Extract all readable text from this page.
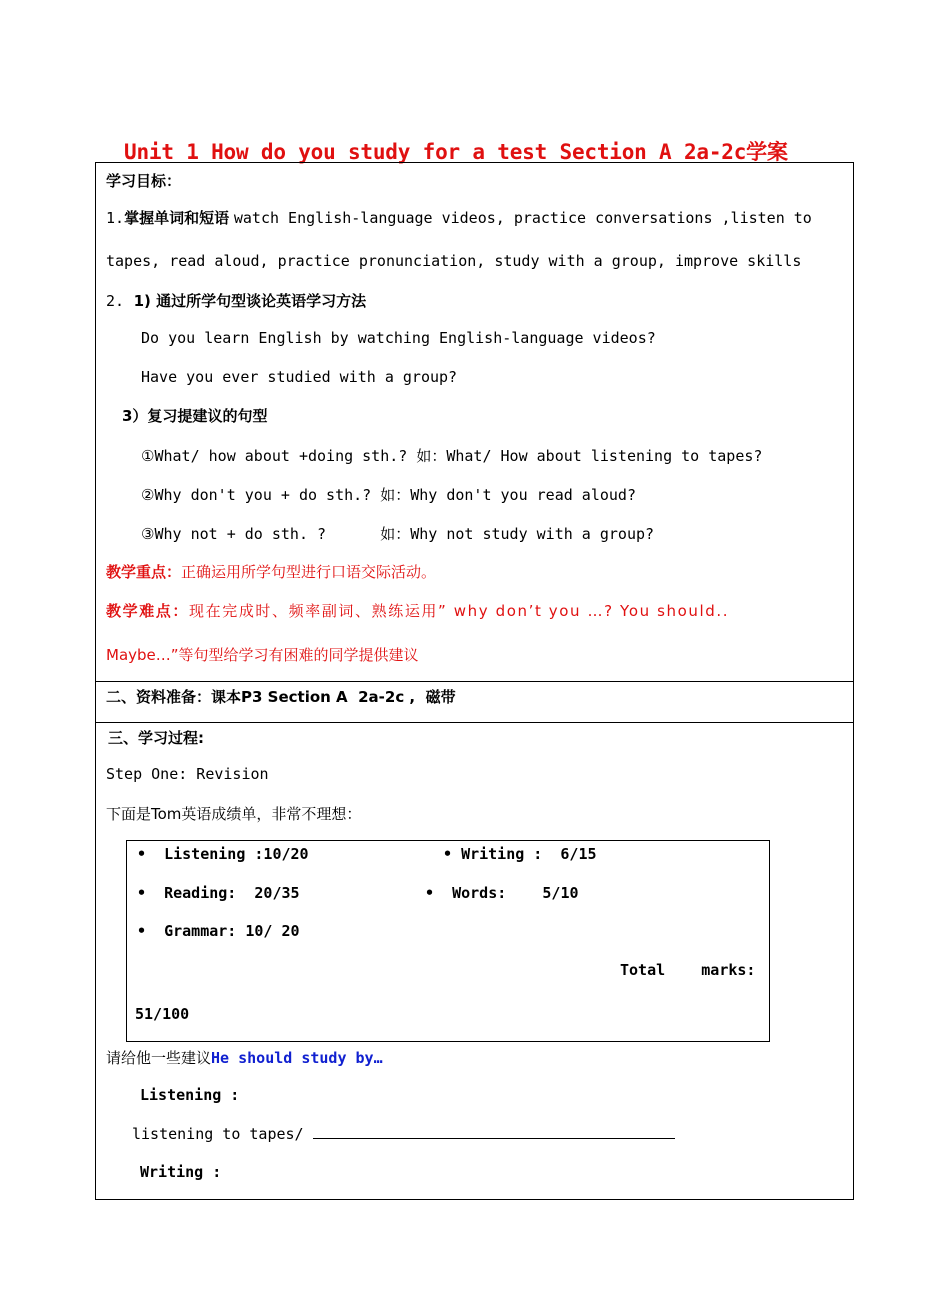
Unit 1 How do you study for a test Section A 2a-2c学案
学习目标：
1.掌握单词和短语 watch English-language videos, practice conversations ,listen to
tapes, read aloud, practice pronunciation, study with a group, improve skills
2. 1) 通过所学句型谈论英语学习方法
Do you learn English by watching English-language videos?
Have you ever studied with a group?
3）复习提建议的句型
①What/ how about +doing sth.? 如：What/ How about listening to tapes?
②Why don't you + do sth.? 如：Why don't you read aloud?
③Why not + do sth. ?      如：Why not study with a group?
教学重点：正确运用所学句型进行口语交际活动。
教学难点：现在完成时、频率副词、熟练运用” why don’t you …? You should..
Maybe…”等句型给学习有困难的同学提供建议
二、资料准备：课本P3 Section A  2a-2c ,  磁带
三、学习过程:
Step One: Revision
下面是Tom英语成绩单，非常不理想：
•  Listening :10/20	• Writing :  6/15
•  Reading:  20/35	•  Words:    5/10
•  Grammar: 10/ 20
Total    marks:
51/100
请给他一些建议He should study by…
Listening :
listening to tapes/
Writing :
